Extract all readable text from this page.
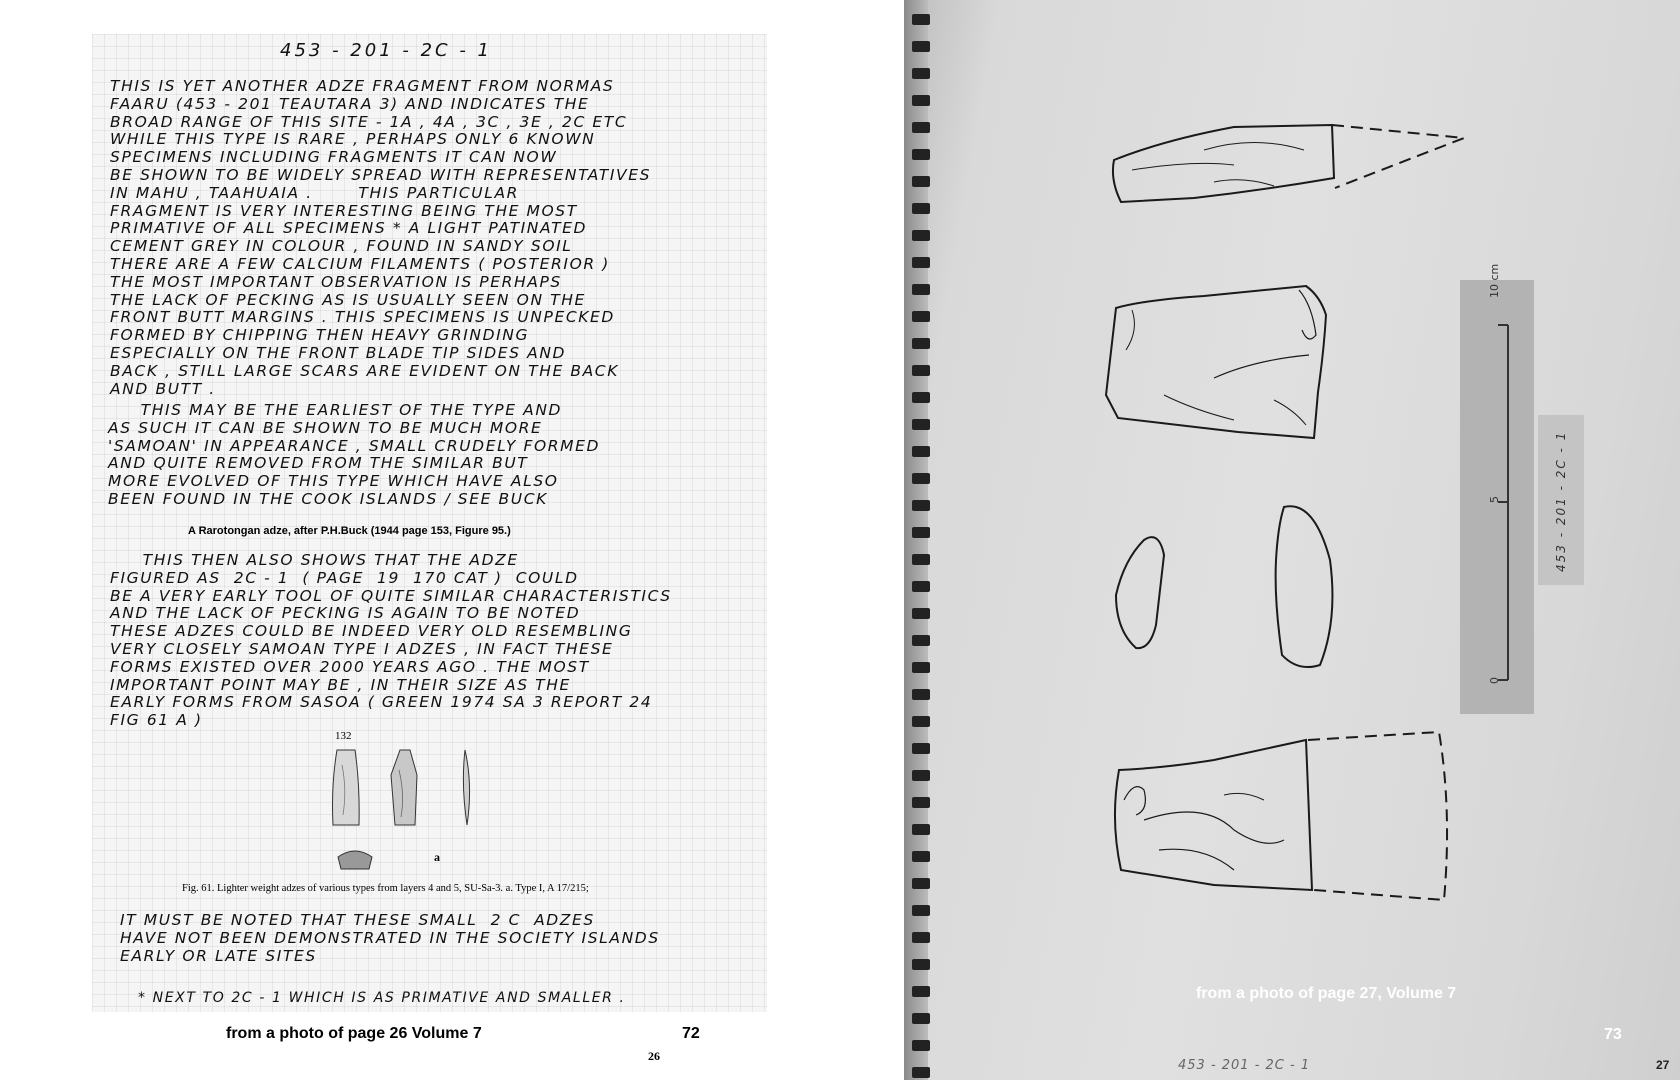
453 - 201 - 2C - 1
THIS IS YET ANOTHER ADZE FRAGMENT FROM NORMAS
FAARU (453 - 201 TEAUTARA 3) AND INDICATES THE
BROAD RANGE OF THIS SITE - 1A , 4A , 3C , 3E , 2C ETC
WHILE THIS TYPE IS RARE , PERHAPS ONLY 6 KNOWN
SPECIMENS INCLUDING FRAGMENTS IT CAN NOW
BE SHOWN TO BE WIDELY SPREAD WITH REPRESENTATIVES
IN MAHU , TAAHUAIA .       THIS PARTICULAR
FRAGMENT IS VERY INTERESTING BEING THE MOST
PRIMATIVE OF ALL SPECIMENS * A LIGHT PATINATED
CEMENT GREY IN COLOUR , FOUND IN SANDY SOIL
THERE ARE A FEW CALCIUM FILAMENTS ( POSTERIOR )
THE MOST IMPORTANT OBSERVATION IS PERHAPS
THE LACK OF PECKING AS IS USUALLY SEEN ON THE
FRONT BUTT MARGINS . THIS SPECIMENS IS UNPECKED
FORMED BY CHIPPING THEN HEAVY GRINDING
ESPECIALLY ON THE FRONT BLADE TIP SIDES AND
BACK , STILL LARGE SCARS ARE EVIDENT ON THE BACK
AND BUTT .
THIS MAY BE THE EARLIEST OF THE TYPE AND
AS SUCH IT CAN BE SHOWN TO BE MUCH MORE
'SAMOAN' IN APPEARANCE , SMALL CRUDELY FORMED
AND QUITE REMOVED FROM THE SIMILAR BUT
MORE EVOLVED OF THIS TYPE WHICH HAVE ALSO
BEEN FOUND IN THE COOK ISLANDS / SEE BUCK
A Rarotongan adze, after P.H.Buck (1944 page 153, Figure 95.)
THIS THEN ALSO SHOWS THAT THE ADZE
FIGURED AS  2C - 1  ( PAGE  19  170 CAT )  COULD
BE A VERY EARLY TOOL OF QUITE SIMILAR CHARACTERISTICS
AND THE LACK OF PECKING IS AGAIN TO BE NOTED
THESE ADZES COULD BE INDEED VERY OLD RESEMBLING
VERY CLOSELY SAMOAN TYPE I ADZES , IN FACT THESE
FORMS EXISTED OVER 2000 YEARS AGO . THE MOST
IMPORTANT POINT MAY BE , IN THEIR SIZE AS THE
EARLY FORMS FROM SASOA ( GREEN 1974 SA 3 REPORT 24
FIG 61 A )
132
a
Fig. 61. Lighter weight adzes of various types from layers 4 and 5, SU-Sa-3. a. Type I, A 17/215;
IT MUST BE NOTED THAT THESE SMALL  2 C  ADZES
HAVE NOT BEEN DEMONSTRATED IN THE SOCIETY ISLANDS
EARLY OR LATE SITES
* NEXT TO 2C - 1 WHICH IS AS PRIMATIVE AND SMALLER .
from a photo of page 26 Volume 7	72
26
10 cm
5
0
453 - 201 - 2C - 1
from a photo of page 27, Volume 7
73
453 - 201 - 2C - 1	27
